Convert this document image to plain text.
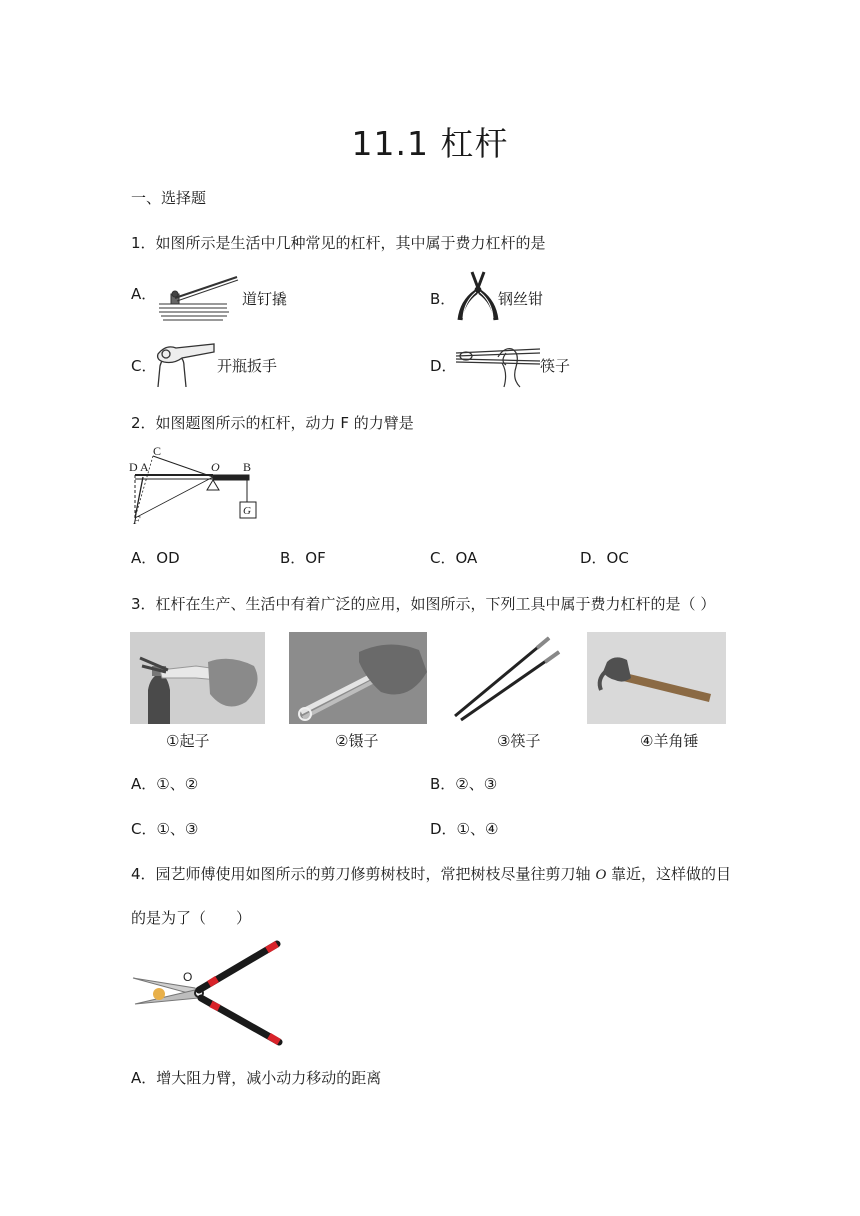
11.1 杠杆
一、选择题
1．如图所示是生活中几种常见的杠杆，其中属于费力杠杆的是
A．	道钉撬	B．	钢丝钳
C．	开瓶扳手	D．	筷子
2．如图题图所示的杠杆，动力 F 的力臂是
D A
C
O B
F
G
A．OD	B．OF	C．OA	D．OC
3．杠杆在生产、生活中有着广泛的应用，如图所示，下列工具中属于费力杠杆的是（ ）
①起子	②镊子	③筷子	④羊角锤
A．①、②	B．②、③
C．①、③	D．①、④
4．园艺师傅使用如图所示的剪刀修剪树枝时，常把树枝尽量往剪刀轴 O 靠近，这样做的目
的是为了（　　）
O
A．增大阻力臂，减小动力移动的距离
